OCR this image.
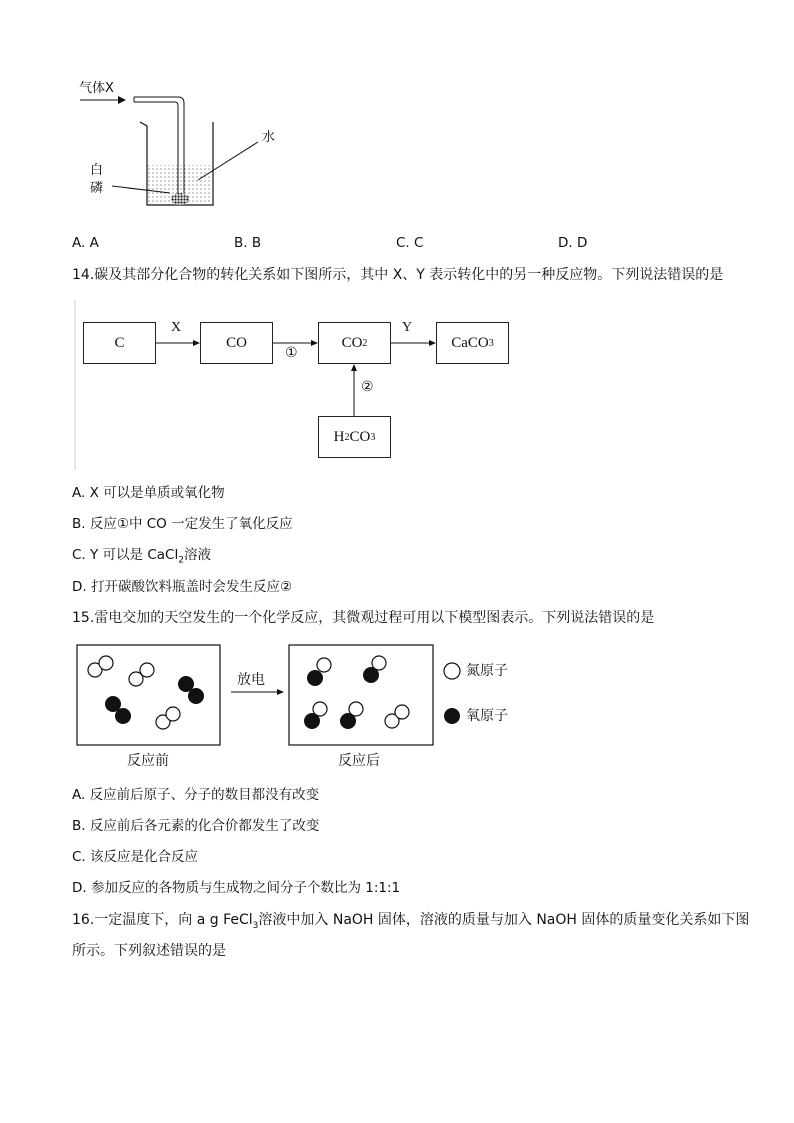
气体X
水
白
磷
A. A	B. B	C. C	D. D
14.碳及其部分化合物的转化关系如下图所示，其中 X、Y 表示转化中的另一种反应物。下列说法错误的是
C	CO	CO 2	CaCO 3
H 2 CO 3
X
①
Y
②
A. X 可以是单质或氧化物
B. 反应①中 CO 一定发生了氧化反应
C. Y 可以是 CaCl$_2$溶液
D. 打开碳酸饮料瓶盖时会发生反应②
15.雷电交加的天空发生的一个化学反应，其微观过程可用以下模型图表示。下列说法错误的是
放电
氮原子
氧原子
反应前	反应后
A. 反应前后原子、分子的数目都没有改变
B. 反应前后各元素的化合价都发生了改变
C. 该反应是化合反应
D. 参加反应的各物质与生成物之间分子个数比为 1:1:1
16.一定温度下，向 a g FeCl$_3$溶液中加入 NaOH 固体，溶液的质量与加入 NaOH 固体的质量变化关系如下图
所示。下列叙述错误的是
